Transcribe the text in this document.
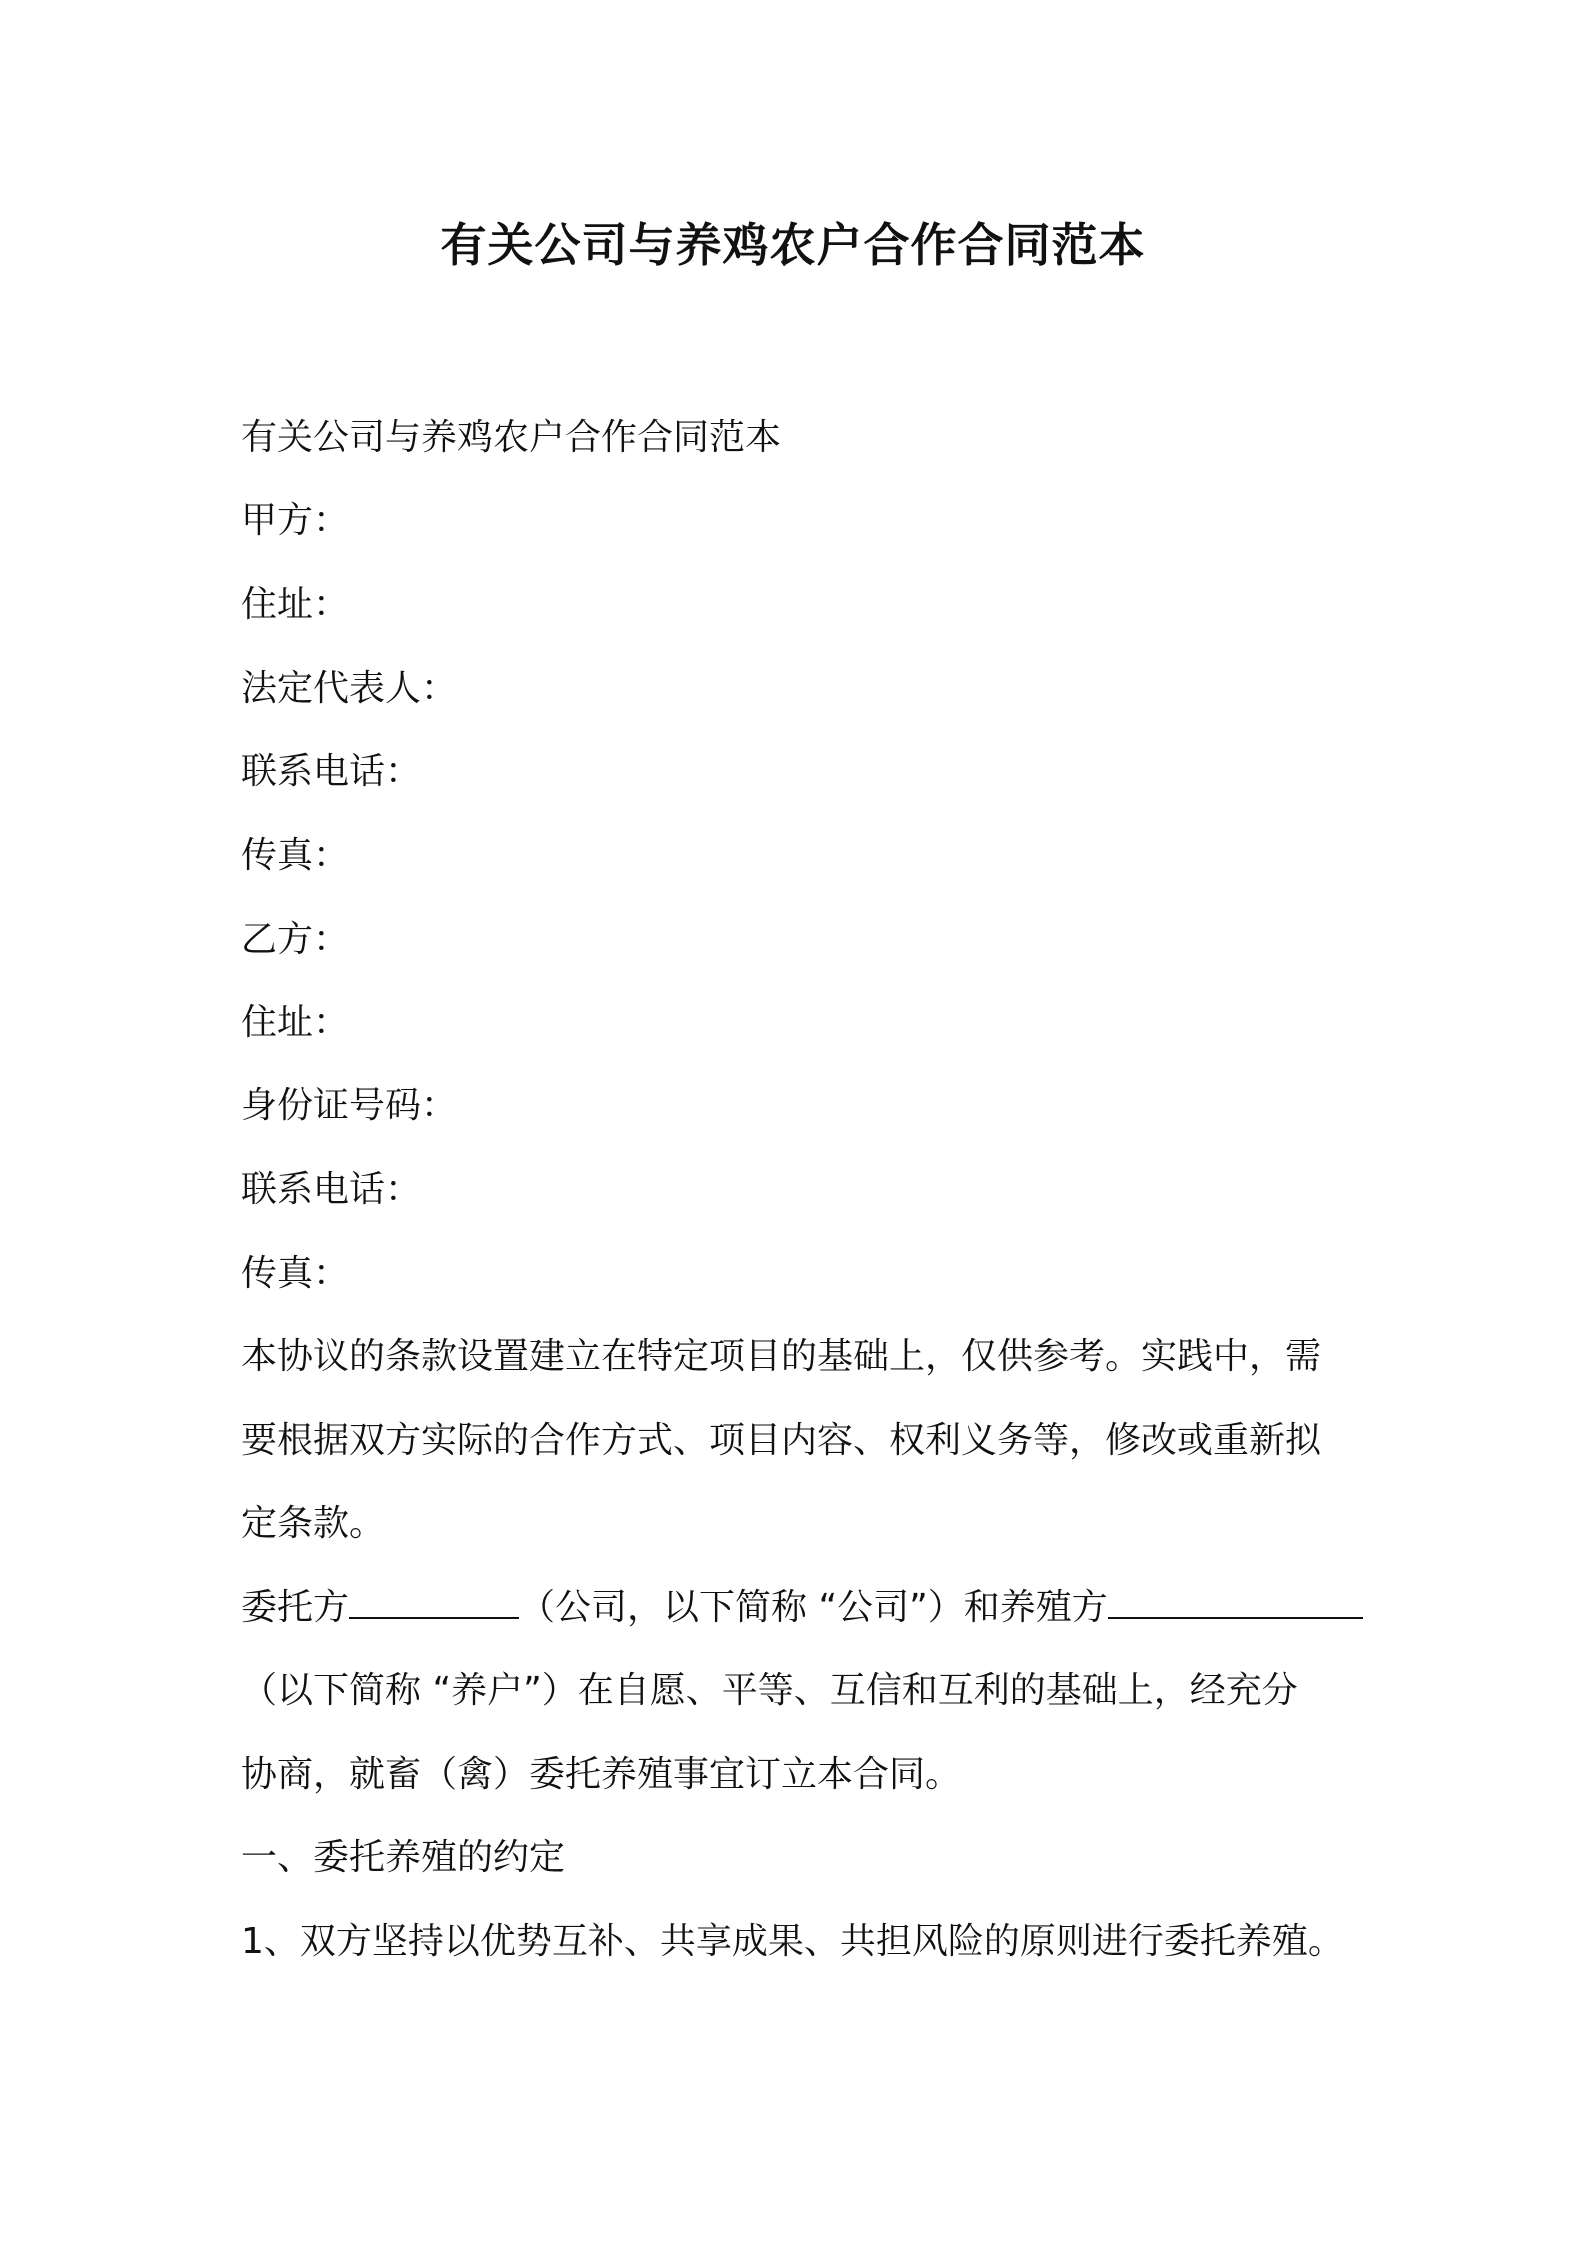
有关公司与养鸡农户合作合同范本
有关公司与养鸡农户合作合同范本
甲方：
住址：
法定代表人：
联系电话：
传真：
乙方：
住址：
身份证号码：
联系电话：
传真：
本协议的条款设置建立在特定项目的基础上，仅供参考。实践中，需
要根据双方实际的合作方式、项目内容、权利义务等，修改或重新拟
定条款。
委托方	（公司，以下简称 “公司”）和养殖方
（以下简称 “养户”）在自愿、平等、互信和互利的基础上，经充分
协商，就畜（禽）委托养殖事宜订立本合同。
一、委托养殖的约定
1、双方坚持以优势互补、共享成果、共担风险的原则进行委托养殖。
